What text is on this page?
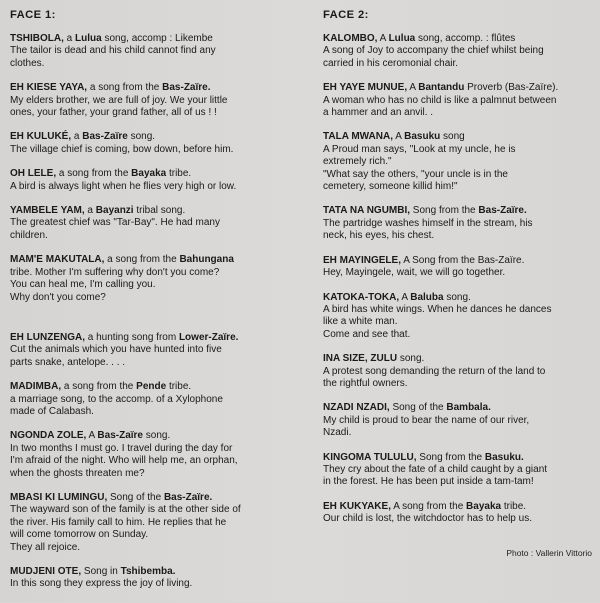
FACE 1:
TSHIBOLA, a Lulua song, accomp : Likembe
The tailor is dead and his child cannot find any
clothes.
EH KIESE YAYA, a song from the Bas-Zaïre.
My elders brother, we are full of joy. We your little
ones, your father, your grand father, all of us ! !
EH KULUKÉ, a Bas-Zaïre song.
The village chief is coming, bow down, before him.
OH LELE, a song from the Bayaka tribe.
A bird is always light when he flies very high or low.
YAMBELE YAM, a Bayanzi tribal song.
The greatest chief was "Tar-Bay". He had many
children.
MAM'E MAKUTALA, a song from the Bahungana
tribe. Mother I'm suffering why don't you come?
You can heal me, I'm calling you.
Why don't you come?
EH LUNZENGA, a hunting song from Lower-Zaïre.
Cut the animals which you have hunted into five
parts snake, antelope. . . .
MADIMBA, a song from the Pende tribe.
a marriage song, to the accomp. of a Xylophone
made of Calabash.
NGONDA ZOLE, A Bas-Zaïre song.
In two months I must go. I travel during the day for
I'm afraid of the night. Who will help me, an orphan,
when the ghosts threaten me?
MBASI KI LUMINGU, Song of the Bas-Zaïre.
The wayward son of the family is at the other side of
the river. His family call to him. He replies that he
will come tomorrow on Sunday.
They all rejoice.
MUDJENI OTE, Song in Tshibemba.
In this song they express the joy of living.
FACE 2:
KALOMBO, A Lulua song, accomp. : flûtes
A song of Joy to accompany the chief whilst being
carried in his ceromonial chair.
EH YAYE MUNUE, A Bantandu Proverb (Bas-Zaïre).
A woman who has no child is like a palmnut between
a hammer and an anvil. .
TALA MWANA, A Basuku song
A Proud man says, "Look at my uncle, he is
extremely rich."
"What say the others, "your uncle is in the
cemetery, someone killid him!"
TATA NA NGUMBI, Song from the Bas-Zaïre.
The partridge washes himself in the stream, his
neck, his eyes, his chest.
EH MAYINGELE, A Song from the Bas-Zaïre.
Hey, Mayingele, wait, we will go together.
KATOKA-TOKA, A Baluba song.
A bird has white wings. When he dances he dances
like a white man.
Come and see that.
INA SIZE, ZULU song.
A protest song demanding the return of the land to
the rightful owners.
NZADI NZADI, Song of the Bambala.
My child is proud to bear the name of our river,
Nzadi.
KINGOMA TULULU, Song from the Basuku.
They cry about the fate of a child caught by a giant
in the forest. He has been put inside a tam-tam!
EH KUKYAKE, A song from the Bayaka tribe.
Our child is lost, the witchdoctor has to help us.
Photo : Vallerin Vittorio
